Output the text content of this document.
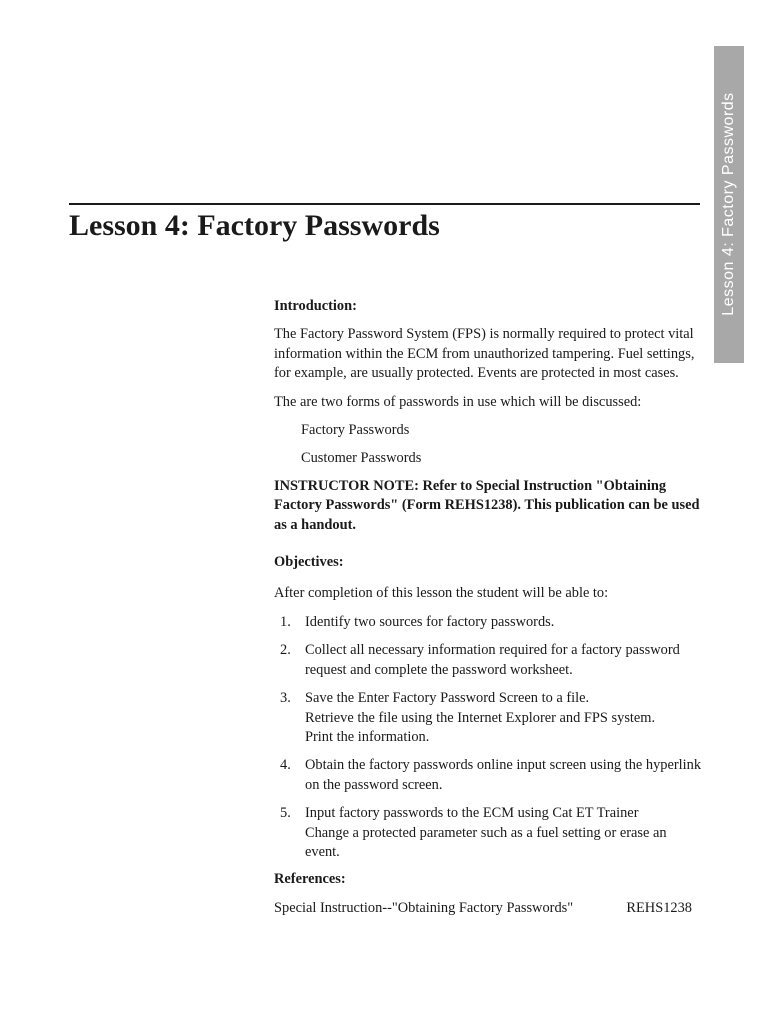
Lesson 4: Factory Passwords
Lesson 4: Factory Passwords

Introduction:

The Factory Password System (FPS) is normally required to protect vital information within the ECM from unauthorized tampering. Fuel settings, for example, are usually protected. Events are protected in most cases.

The are two forms of passwords in use which will be discussed:

Factory Passwords

Customer Passwords

INSTRUCTOR NOTE: Refer to Special Instruction "Obtaining Factory Passwords" (Form REHS1238). This publication can be used as a handout.

Objectives:

After completion of this lesson the student will be able to:

1. Identify two sources for factory passwords.
2. Collect all necessary information required for a factory password request and complete the password worksheet.
3. Save the Enter Factory Password Screen to a file.
Retrieve the file using the Internet Explorer and FPS system.
Print the information.
4. Obtain the factory passwords online input screen using the hyperlink on the password screen.
5. Input factory passwords to the ECM using Cat ET Trainer
Change a protected parameter such as a fuel setting or erase an event.

References:

Special Instruction--"Obtaining Factory Passwords"	REHS1238
